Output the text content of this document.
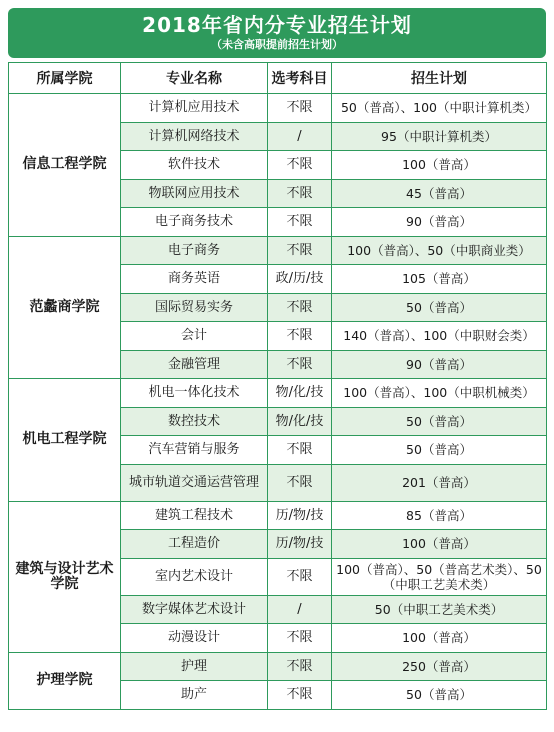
2018年省内分专业招生计划
（未含高职提前招生计划）
所属学院	专业名称	选考科目	招生计划
信息工程学院	计算机应用技术	不限	50（普高）、100（中职计算机类）
	计算机网络技术	/	95（中职计算机类）
	软件技术	不限	100（普高）
	物联网应用技术	不限	45（普高）
	电子商务技术	不限	90（普高）
范蠡商学院	电子商务	不限	100（普高）、50（中职商业类）
	商务英语	政/历/技	105（普高）
	国际贸易实务	不限	50（普高）
	会计	不限	140（普高）、100（中职财会类）
	金融管理	不限	90（普高）
机电工程学院	机电一体化技术	物/化/技	100（普高）、100（中职机械类）
	数控技术	物/化/技	50（普高）
	汽车营销与服务	不限	50（普高）
	城市轨道交通运营管理	不限	201（普高）
建筑与设计艺术学院	建筑工程技术	历/物/技	85（普高）
	工程造价	历/物/技	100（普高）
	室内艺术设计	不限	100（普高）、50（普高艺术类）、50（中职工艺美术类）
	数字媒体艺术设计	/	50（中职工艺美术类）
	动漫设计	不限	100（普高）
护理学院	护理	不限	250（普高）
	助产	不限	50（普高）
